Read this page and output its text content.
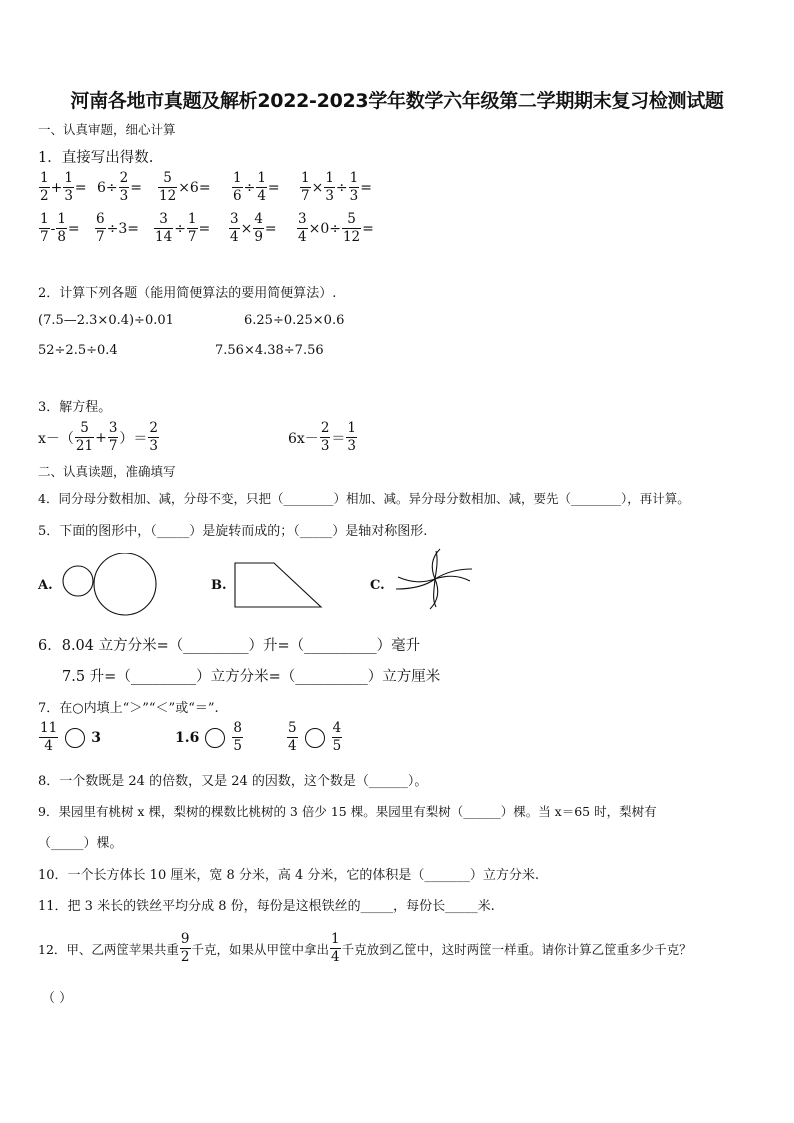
河南各地市真题及解析2022-2023学年数学六年级第二学期期末复习检测试题
一、认真审题，细心计算
1．直接写出得数.
$\frac{1}{2} + \frac{1}{3} = 6\div \frac{2}{3} = \frac{5}{12} \times 6= \frac{1}{6} \div \frac{1}{4} = \frac{1}{7} \times \frac{1}{3} \div \frac{1}{3}$ =
$\frac{1}{7} - \frac{1}{8} = \frac{6}{7} \div 3= \frac{3}{14} \div \frac{1}{7} = \frac{3}{4} \times \frac{4}{9} = \frac{3}{4} \times 0\div \frac{5}{12}$ =
2．计算下列各题（能用简便算法的要用简便算法）.
(7.5—2.3×0.4)÷0.01	6.25÷0.25×0.6
52÷2.5÷0.4	7.56×4.38÷7.56
3．解方程。
$x-( \frac{5}{21} + \frac{3}{7}$ ）＝ $\frac{2}{3}$	$6x- \frac{2}{3} = \frac{1}{3}$
二、认真读题，准确填写
4．同分母分数相加、减，分母不变，只把（________）相加、减。异分母分数相加、减，要先（________），再计算。
5．下面的图形中，（_____）是旋转而成的；（_____）是轴对称图形.
A.	B.	C.
6．8.04 立方分米=（_________）升=（__________）毫升
7.5 升=（_________）立方分米=（__________）立方厘米
7．在○内填上“＞”“＜”或“＝”.
$\frac{11}{4} 3$	$1.6 \frac{8}{5}$	$\frac{5}{4}$	$\frac{4}{5}$
8．一个数既是 24 的倍数，又是 24 的因数，这个数是（______）。
9．果园里有桃树 x 棵，梨树的棵数比桃树的 3 倍少 15 棵。果园里有梨树（______）棵。当 x＝65 时，梨树有
（_____）棵。
10．一个长方体长 10 厘米，宽 8 分米，高 4 分米，它的体积是（_______）立方分米.
11．把 3 米长的铁丝平均分成 8 份，每份是这根铁丝的_____，每份长_____米.
12．甲、乙两筐苹果共重 $\frac{9}{2}$ 千克，如果从甲筐中拿出 $\frac{1}{4}$ 千克放到乙筐中，这时两筐一样重。请你计算乙筐重多少千克？
（ ）
